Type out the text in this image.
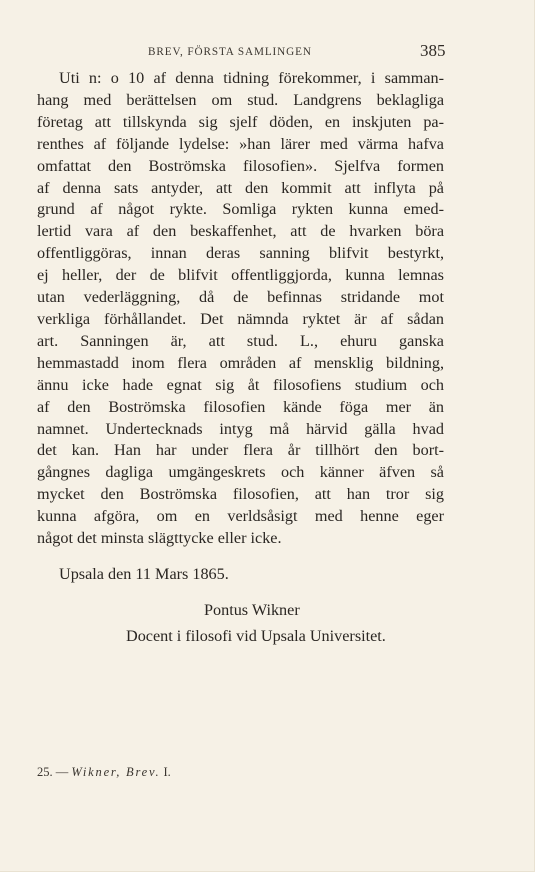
BREV, FÖRSTA SAMLINGEN	385
Uti n: o 10 af denna tidning förekommer, i samman-
hang med berättelsen om stud. Landgrens beklagliga
företag att tillskynda sig sjelf döden, en inskjuten pa-
renthes af följande lydelse: »han lärer med värma hafva
omfattat den Boströmska filosofien». Sjelfva formen
af denna sats antyder, att den kommit att inflyta på
grund af något rykte. Somliga rykten kunna emed-
lertid vara af den beskaffenhet, att de hvarken böra
offentliggöras, innan deras sanning blifvit bestyrkt,
ej heller, der de blifvit offentliggjorda, kunna lemnas
utan vederläggning, då de befinnas stridande mot
verkliga förhållandet. Det nämnda ryktet är af sådan
art. Sanningen är, att stud. L., ehuru ganska
hemmastadd inom flera områden af mensklig bildning,
ännu icke hade egnat sig åt filosofiens studium och
af den Boströmska filosofien kände föga mer än
namnet. Undertecknads intyg må härvid gälla hvad
det kan. Han har under flera år tillhört den bort-
gångnes dagliga umgängeskrets och känner äfven så
mycket den Boströmska filosofien, att han tror sig
kunna afgöra, om en verldsåsigt med henne eger
något det minsta slägttycke eller icke.
Upsala den 11 Mars 1865.
Pontus Wikner
Docent i filosofi vid Upsala Universitet.
25. — Wikner, Brev. I.
